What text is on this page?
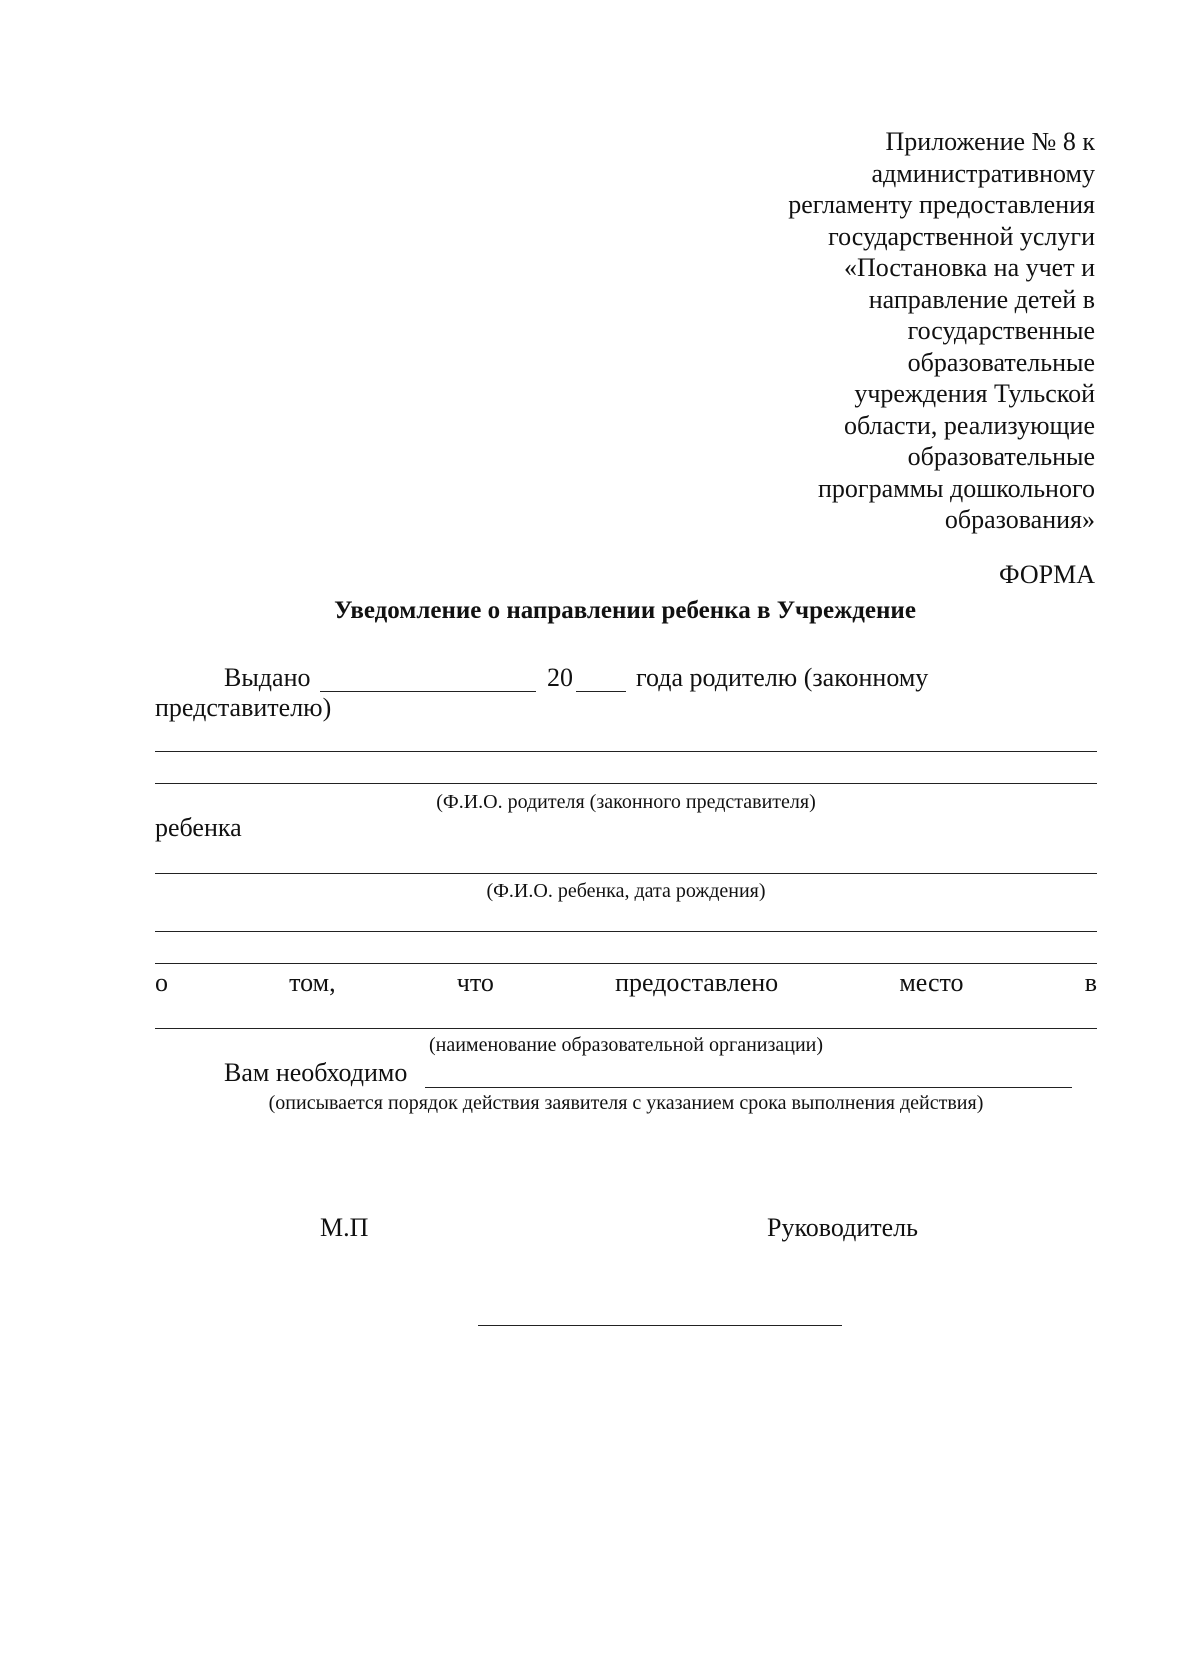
Приложение № 8 к
административному
регламенту предоставления
государственной услуги
«Постановка на учет и
направление детей в
государственные
образовательные
учреждения Тульской
области, реализующие
образовательные
программы дошкольного
образования»
ФОРМА
Уведомление о направлении ребенка в Учреждение
Выдано	20 года родителю (законному
представителю)
(Ф.И.О. родителя (законного представителя)
ребенка
(Ф.И.О. ребенка, дата рождения)
о	том,	что	предоставлено	место	в
(наименование образовательной организации)
Вам необходимо
(описывается порядок действия заявителя с указанием срока выполнения действия)
М.П	Руководитель
